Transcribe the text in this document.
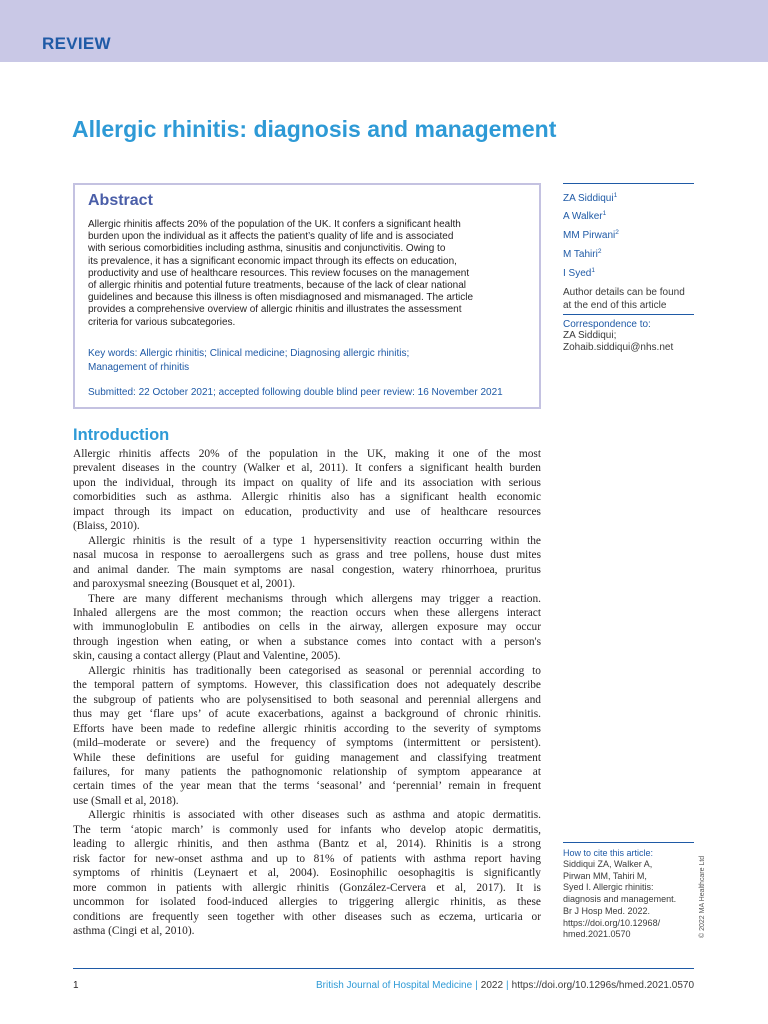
REVIEW
Allergic rhinitis: diagnosis and management
Abstract
Allergic rhinitis affects 20% of the population of the UK. It confers a significant health
burden upon the individual as it affects the patient’s quality of life and is associated
with serious comorbidities including asthma, sinusitis and conjunctivitis. Owing to
its prevalence, it has a significant economic impact through its effects on education,
productivity and use of healthcare resources. This review focuses on the management
of allergic rhinitis and potential future treatments, because of the lack of clear national
guidelines and because this illness is often misdiagnosed and mismanaged. The article
provides a comprehensive overview of allergic rhinitis and illustrates the assessment
criteria for various subcategories.
Key words: Allergic rhinitis; Clinical medicine; Diagnosing allergic rhinitis;
Management of rhinitis
Submitted: 22 October 2021; accepted following double blind peer review: 16 November 2021
ZA Siddiqui$^1$
A Walker$^1$
MM Pirwani$^2$
M Tahiri$^2$
I Syed$^1$
Author details can be found
at the end of this article
Correspondence to:
ZA Siddiqui;
Zohaib.siddiqui@nhs.net
Introduction
Allergic rhinitis affects 20% of the population in the UK, making it one of the most
prevalent diseases in the country (Walker et al, 2011). It confers a significant health burden
upon the individual, through its impact on quality of life and its association with serious
comorbidities such as asthma. Allergic rhinitis also has a significant health economic
impact through its impact on education, productivity and use of healthcare resources
(Blaiss, 2010).
Allergic rhinitis is the result of a type 1 hypersensitivity reaction occurring within the
nasal mucosa in response to aeroallergens such as grass and tree pollens, house dust mites
and animal dander. The main symptoms are nasal congestion, watery rhinorrhoea, pruritus
and paroxysmal sneezing (Bousquet et al, 2001).
There are many different mechanisms through which allergens may trigger a reaction.
Inhaled allergens are the most common; the reaction occurs when these allergens interact
with immunoglobulin E antibodies on cells in the airway, allergen exposure may occur
through ingestion when eating, or when a substance comes into contact with a person's
skin, causing a contact allergy (Plaut and Valentine, 2005).
Allergic rhinitis has traditionally been categorised as seasonal or perennial according to
the temporal pattern of symptoms. However, this classification does not adequately describe
the subgroup of patients who are polysensitised to both seasonal and perennial allergens and
thus may get ‘flare ups’ of acute exacerbations, against a background of chronic rhinitis.
Efforts have been made to redefine allergic rhinitis according to the severity of symptoms
(mild–moderate or severe) and the frequency of symptoms (intermittent or persistent).
While these definitions are useful for guiding management and classifying treatment
failures, for many patients the pathognomonic relationship of symptom appearance at
certain times of the year mean that the terms ‘seasonal’ and ‘perennial’ remain in frequent
use (Small et al, 2018).
Allergic rhinitis is associated with other diseases such as asthma and atopic dermatitis.
The term ‘atopic march’ is commonly used for infants who develop atopic dermatitis,
leading to allergic rhinitis, and then asthma (Bantz et al, 2014). Rhinitis is a strong
risk factor for new-onset asthma and up to 81% of patients with asthma report having
symptoms of rhinitis (Leynaert et al, 2004). Eosinophilic oesophagitis is significantly
more common in patients with allergic rhinitis (González-Cervera et al, 2017). It is
uncommon for isolated food-induced allergies to triggering allergic rhinitis, as these
conditions are frequently seen together with other diseases such as eczema, urticaria or
asthma (Cingi et al, 2010).
How to cite this article:
Siddiqui ZA, Walker A,
Pirwan MM, Tahiri M,
Syed I. Allergic rhinitis:
diagnosis and management.
Br J Hosp Med. 2022.
https://doi.org/10.12968/
hmed.2021.0570	© 2022 MA Healthcare Ltd
1	British Journal of Hospital Medicine | 2022 | https://doi.org/10.1296s/hmed.2021.0570
